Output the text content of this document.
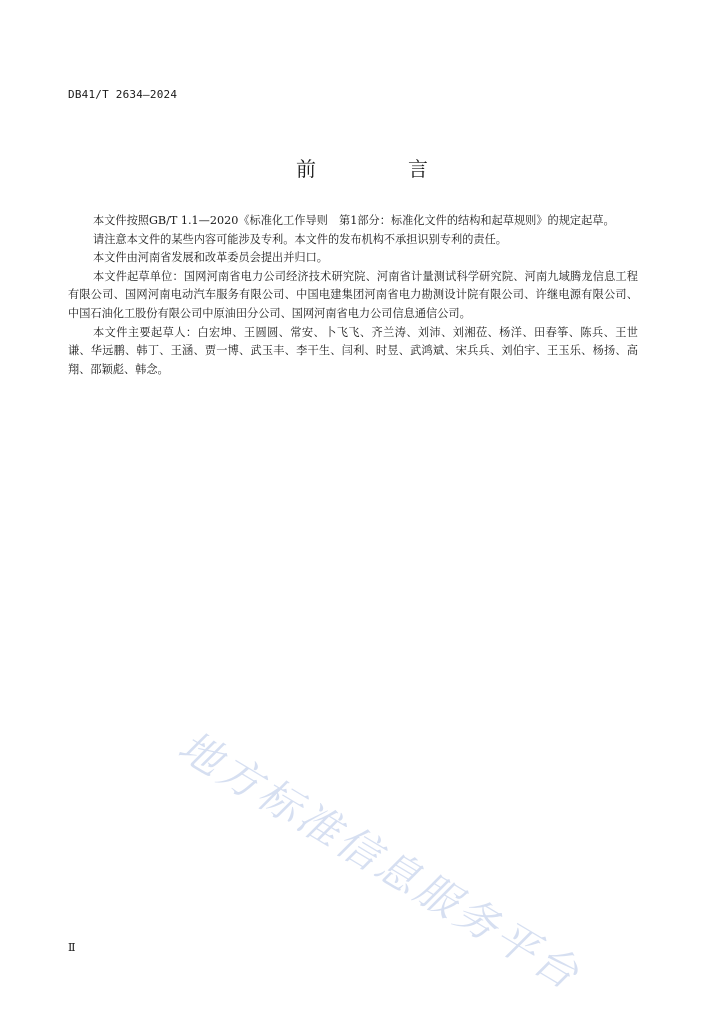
DB41/T 2634—2024
前　言

本文件按照GB/T 1.1—2020《标准化工作导则　第1部分：标准化文件的结构和起草规则》的规定起草。

请注意本文件的某些内容可能涉及专利。本文件的发布机构不承担识别专利的责任。

本文件由河南省发展和改革委员会提出并归口。

本文件起草单位：国网河南省电力公司经济技术研究院、河南省计量测试科学研究院、河南九域腾龙信息工程有限公司、国网河南电动汽车服务有限公司、中国电建集团河南省电力勘测设计院有限公司、许继电源有限公司、中国石油化工股份有限公司中原油田分公司、国网河南省电力公司信息通信公司。

本文件主要起草人：白宏坤、王圆圆、常安、卜飞飞、齐兰涛、刘沛、刘湘莅、杨洋、田春筝、陈兵、王世谦、华远鹏、韩丁、王涵、贾一博、武玉丰、李干生、闫利、时昱、武鸿斌、宋兵兵、刘伯宇、王玉乐、杨扬、高翔、邵颖彪、韩念。

地方标准信息服务平台
Ⅱ
